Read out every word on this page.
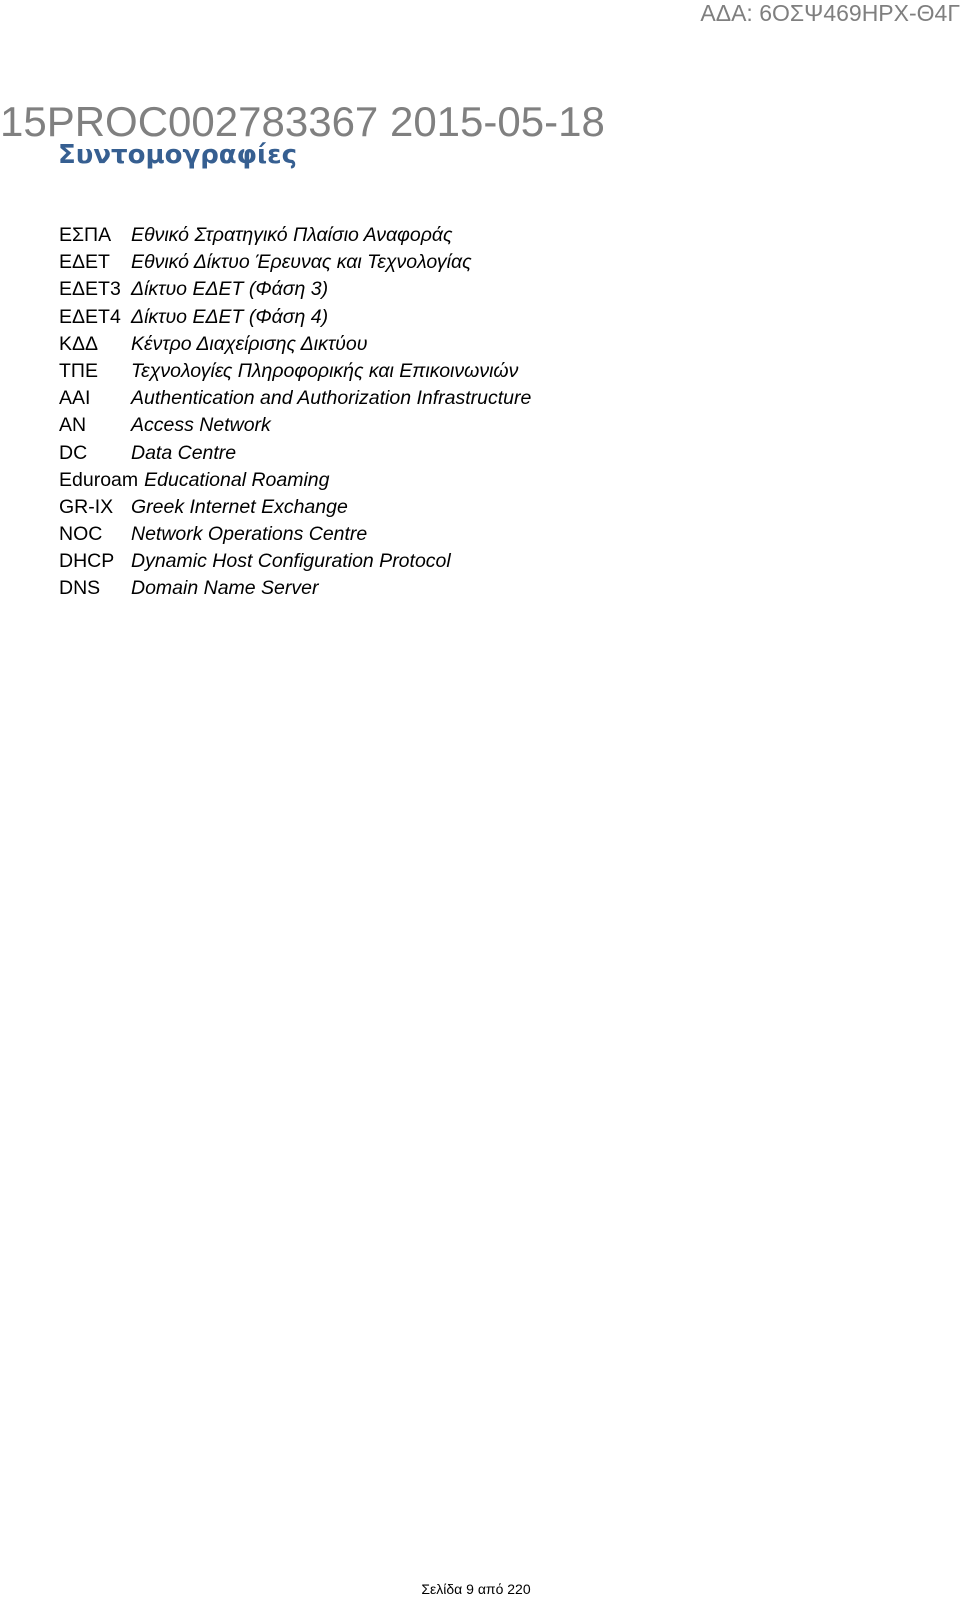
ΑΔΑ: 6ΟΣΨ469ΗΡΧ-Θ4Γ
15PROC002783367 2015-05-18
Συντομογραφίες
ΕΣΠΑ Εθνικό Στρατηγικό Πλαίσιο Αναφοράς
ΕΔΕΤ Εθνικό Δίκτυο Έρευνας και Τεχνολογίας
ΕΔΕΤ3 Δίκτυο ΕΔΕΤ (Φάση 3)
ΕΔΕΤ4 Δίκτυο ΕΔΕΤ (Φάση 4)
ΚΔΔ Κέντρο Διαχείρισης Δικτύου
ΤΠΕ Τεχνολογίες Πληροφορικής και Επικοινωνιών
AAI Authentication and Authorization Infrastructure
AN Access Network
DC Data Centre
Eduroam Educational Roaming
GR-IX Greek Internet Exchange
NOC Network Operations Centre
DHCP Dynamic Host Configuration Protocol
DNS Domain Name Server
Σελίδα 9 από 220
